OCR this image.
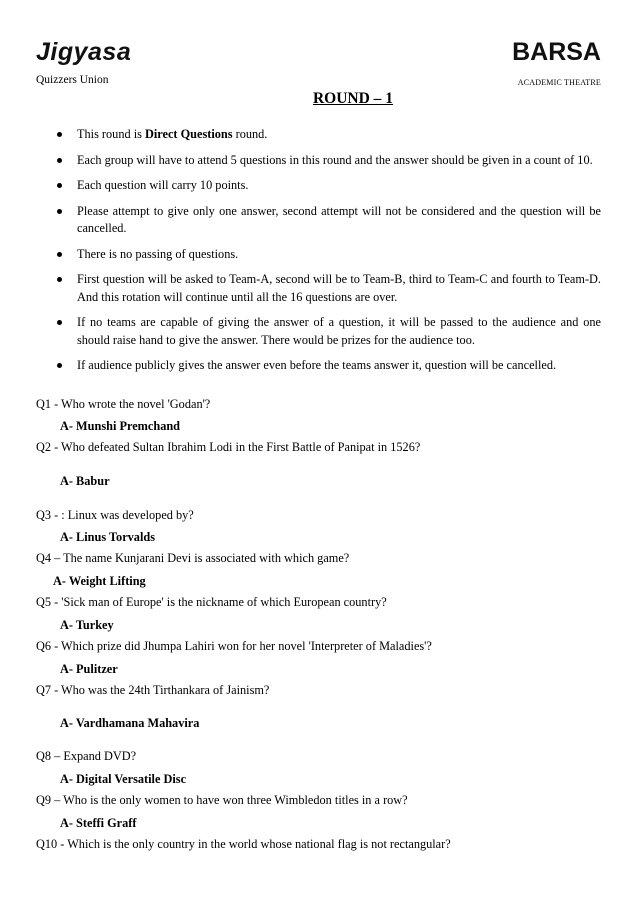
Jigyasa
Quizzers Union
BARSA
ACADEMIC THEATRE
ROUND – 1
This round is Direct Questions round.
Each group will have to attend 5 questions in this round and the answer should be given in a count of 10.
Each question will carry 10 points.
Please attempt to give only one answer, second attempt will not be considered and the question will be cancelled.
There is no passing of questions.
First question will be asked to Team-A, second will be to Team-B, third to Team-C and fourth to Team-D. And this rotation will continue until all the 16 questions are over.
If no teams are capable of giving the answer of a question, it will be passed to the audience and one should raise hand to give the answer. There would be prizes for the audience too.
If audience publicly gives the answer even before the teams answer it, question will be cancelled.
Q1 - Who wrote the novel 'Godan'?
A- Munshi Premchand
Q2 - Who defeated Sultan Ibrahim Lodi in the First Battle of Panipat in 1526?
A- Babur
Q3 - : Linux was developed by?
A- Linus Torvalds
Q4 – The name Kunjarani Devi is associated with which game?
A- Weight Lifting
Q5 - 'Sick man of Europe' is the nickname of which European country?
A- Turkey
Q6 - Which prize did Jhumpa Lahiri won for her novel 'Interpreter of Maladies'?
A- Pulitzer
Q7 - Who was the 24th Tirthankara of Jainism?
A- Vardhamana Mahavira
Q8 – Expand DVD?
A- Digital Versatile Disc
Q9 – Who is the only women to have won three Wimbledon titles in a row?
A- Steffi Graff
Q10 - Which is the only country in the world whose national flag is not rectangular?
